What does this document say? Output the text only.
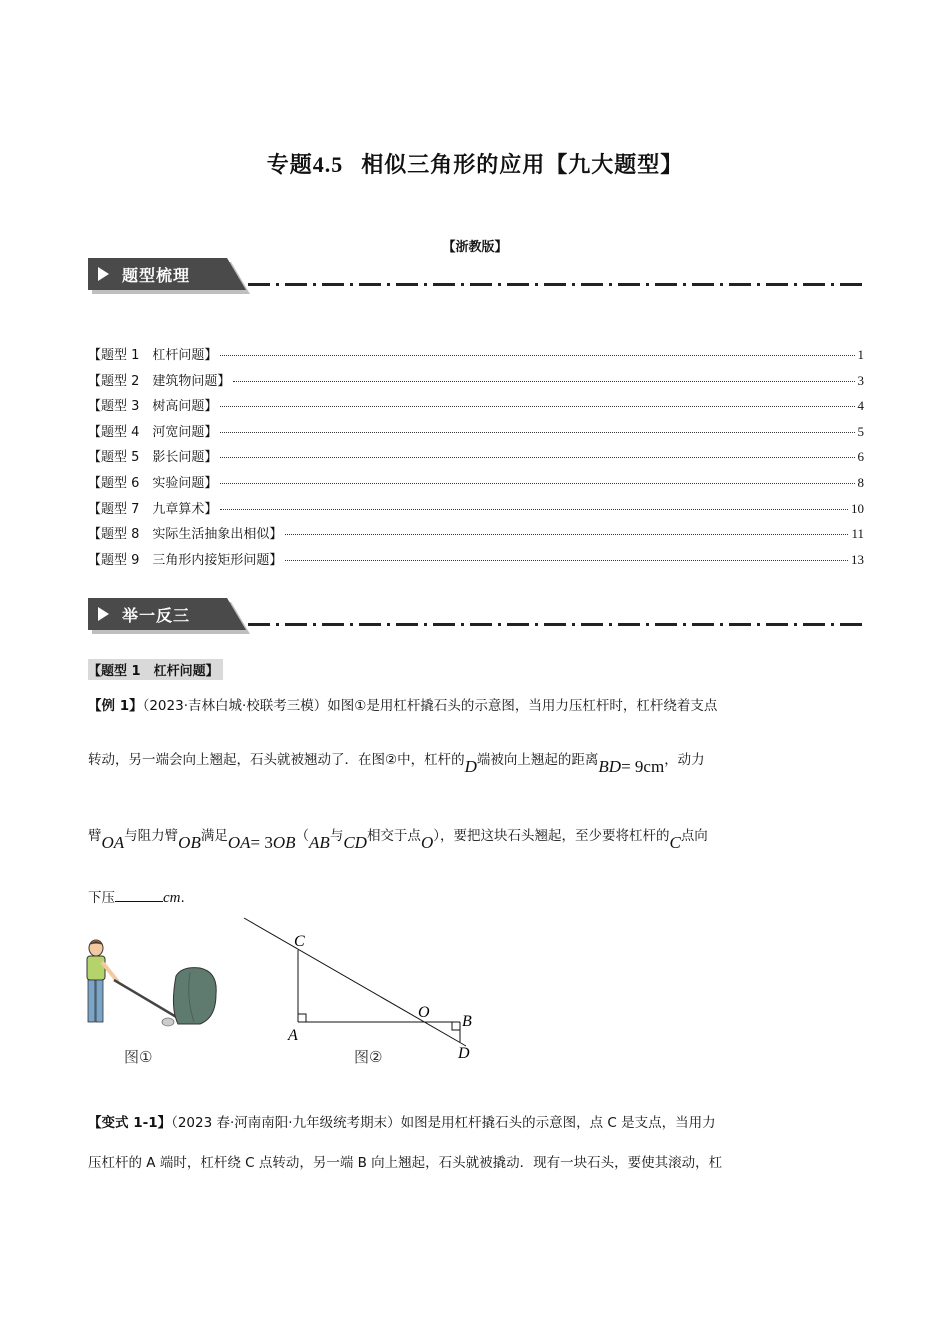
专题4.5 相似三角形的应用【九大题型】
【浙教版】
题型梳理
【题型 1　杠杆问题】	1
【题型 2　建筑物问题】	3
【题型 3　树高问题】	4
【题型 4　河宽问题】	5
【题型 5　影长问题】	6
【题型 6　实验问题】	8
【题型 7　九章算术】	10
【题型 8　实际生活抽象出相似】	11
【题型 9　三角形内接矩形问题】	13
举一反三
【题型 1　杠杆问题】
【例 1】（2023·吉林白城·校联考三模）如图①是用杠杆撬石头的示意图，当用力压杠杆时，杠杆绕着支点
转动，另一端会向上翘起，石头就被翘动了．在图②中，杠杆的D端被向上翘起的距离BD= 9cm，动力
臂OA与阻力臂OB满足OA= 3OB（AB与CD相交于点O），要把这块石头翘起，至少要将杠杆的C点向
下压	cm.
图①
C
A
O
B
D
图②
【变式 1-1】（2023 春·河南南阳·九年级统考期末）如图是用杠杆撬石头的示意图，点 C 是支点，当用力
压杠杆的 A 端时，杠杆绕 C 点转动，另一端 B 向上翘起，石头就被撬动．现有一块石头，要使其滚动，杠
